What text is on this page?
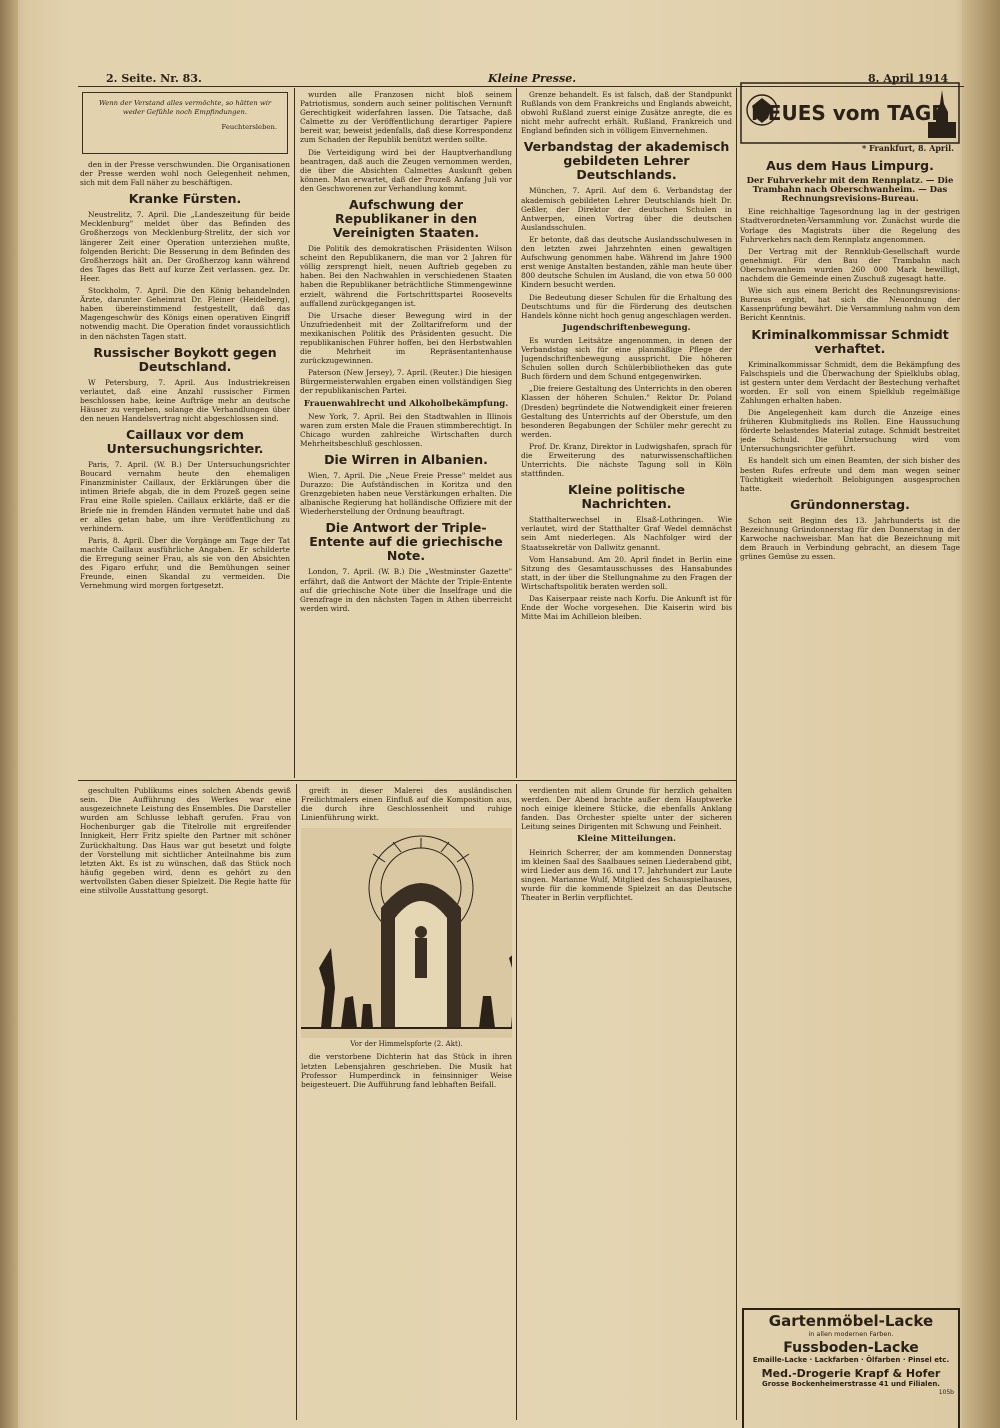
2. Seite. Nr. 83.	Kleine Presse.	8. April 1914
Wenn der Verstand alles vermöchte, so hätten wir weder Gefühle noch Empfindungen.
Feuchtersleben.

den in der Presse verschwunden. Die Organisationen der Presse werden wohl noch Gelegenheit nehmen, sich mit dem Fall näher zu beschäftigen.

Kranke Fürsten.

Neustrelitz, 7. April. Die „Landeszeitung für beide Mecklenburg" meldet über das Befinden des Großherzogs von Mecklenburg-Strelitz, der sich vor längerer Zeit einer Operation unterziehen mußte, folgenden Bericht: Die Besserung in dem Befinden des Großherzogs hält an. Der Großherzog kann während des Tages das Bett auf kurze Zeit verlassen. gez. Dr. Heer.

Stockholm, 7. April. Die den König behandelnden Ärzte, darunter Geheimrat Dr. Fleiner (Heidelberg), haben übereinstimmend festgestellt, daß das Magengeschwür des Königs einen operativen Eingriff notwendig macht. Die Operation findet voraussichtlich in den nächsten Tagen statt.

Russischer Boykott gegen Deutschland.

W Petersburg, 7. April. Aus Industriekreisen verlautet, daß eine Anzahl russischer Firmen beschlossen habe, keine Aufträge mehr an deutsche Häuser zu vergeben, solange die Verhandlungen über den neuen Handelsvertrag nicht abgeschlossen sind.

Caillaux vor dem Untersuchungsrichter.

Paris, 7. April. (W. B.) Der Untersuchungsrichter Boucard vernahm heute den ehemaligen Finanzminister Caillaux, der Erklärungen über die intimen Briefe abgab, die in dem Prozeß gegen seine Frau eine Rolle spielen. Caillaux erklärte, daß er die Briefe nie in fremden Händen vermutet habe und daß er alles getan habe, um ihre Veröffentlichung zu verhindern.

Paris, 8. April. Über die Vorgänge am Tage der Tat machte Caillaux ausführliche Angaben. Er schilderte die Erregung seiner Frau, als sie von den Absichten des Figaro erfuhr, und die Bemühungen seiner Freunde, einen Skandal zu vermeiden. Die Vernehmung wird morgen fortgesetzt.

wurden alle Franzosen nicht bloß seinem Patriotismus, sondern auch seiner politischen Vernunft Gerechtigkeit widerfahren lassen. Die Tatsache, daß Calmette zu der Veröffentlichung derartiger Papiere bereit war, beweist jedenfalls, daß diese Korrespondenz zum Schaden der Republik benützt werden sollte.

Die Verteidigung wird bei der Hauptverhandlung beantragen, daß auch die Zeugen vernommen werden, die über die Absichten Calmettes Auskunft geben können. Man erwartet, daß der Prozeß Anfang Juli vor den Geschworenen zur Verhandlung kommt.

Aufschwung der Republikaner in den Vereinigten Staaten.

Die Politik des demokratischen Präsidenten Wilson scheint den Republikanern, die man vor 2 Jahren für völlig zersprengt hielt, neuen Auftrieb gegeben zu haben. Bei den Nachwahlen in verschiedenen Staaten haben die Republikaner beträchtliche Stimmengewinne erzielt, während die Fortschrittspartei Roosevelts auffallend zurückgegangen ist.

Die Ursache dieser Bewegung wird in der Unzufriedenheit mit der Zolltarifreform und der mexikanischen Politik des Präsidenten gesucht. Die republikanischen Führer hoffen, bei den Herbstwahlen die Mehrheit im Repräsentantenhause zurückzugewinnen.

Paterson (New Jersey), 7. April. (Reuter.) Die hiesigen Bürgermeisterwahlen ergaben einen vollständigen Sieg der republikanischen Partei.

Frauenwahlrecht und Alkoholbekämpfung.

New York, 7. April. Bei den Stadtwahlen in Illinois waren zum ersten Male die Frauen stimmberechtigt. In Chicago wurden zahlreiche Wirtschaften durch Mehrheitsbeschluß geschlossen.

Die Wirren in Albanien.

Wien, 7. April. Die „Neue Freie Presse" meldet aus Durazzo: Die Aufständischen in Koritza und den Grenzgebieten haben neue Verstärkungen erhalten. Die albanische Regierung hat holländische Offiziere mit der Wiederherstellung der Ordnung beauftragt.

Die Antwort der Triple-Entente auf die griechische Note.

London, 7. April. (W. B.) Die „Westminster Gazette" erfährt, daß die Antwort der Mächte der Triple-Entente auf die griechische Note über die Inselfrage und die Grenzfrage in den nächsten Tagen in Athen überreicht werden wird.

Grenze behandelt. Es ist falsch, daß der Standpunkt Rußlands von dem Frankreichs und Englands abweicht, obwohl Rußland zuerst einige Zusätze anregte, die es nicht mehr aufrecht erhält. Rußland, Frankreich und England befinden sich in völligem Einvernehmen.

Verbandstag der akademisch gebildeten Lehrer Deutschlands.

München, 7. April. Auf dem 6. Verbandstag der akademisch gebildeten Lehrer Deutschlands hielt Dr. Geßler, der Direktor der deutschen Schulen in Antwerpen, einen Vortrag über die deutschen Auslandsschulen.

Er betonte, daß das deutsche Auslandsschulwesen in den letzten zwei Jahrzehnten einen gewaltigen Aufschwung genommen habe. Während im Jahre 1900 erst wenige Anstalten bestanden, zähle man heute über 800 deutsche Schulen im Ausland, die von etwa 50 000 Kindern besucht werden.

Die Bedeutung dieser Schulen für die Erhaltung des Deutschtums und für die Förderung des deutschen Handels könne nicht hoch genug angeschlagen werden.

Jugendschriftenbewegung.

Es wurden Leitsätze angenommen, in denen der Verbandstag sich für eine planmäßige Pflege der Jugendschriftenbewegung ausspricht. Die höheren Schulen sollen durch Schülerbibliotheken das gute Buch fördern und dem Schund entgegenwirken.

„Die freiere Gestaltung des Unterrichts in den oberen Klassen der höheren Schulen." Rektor Dr. Poland (Dresden) begründete die Notwendigkeit einer freieren Gestaltung des Unterrichts auf der Oberstufe, um den besonderen Begabungen der Schüler mehr gerecht zu werden.

Prof. Dr. Kranz, Direktor in Ludwigshafen, sprach für die Erweiterung des naturwissenschaftlichen Unterrichts. Die nächste Tagung soll in Köln stattfinden.

Kleine politische Nachrichten.

Statthalterwechsel in Elsaß-Lothringen. Wie verlautet, wird der Statthalter Graf Wedel demnächst sein Amt niederlegen. Als Nachfolger wird der Staatssekretär von Dallwitz genannt.

Vom Hansabund. Am 20. April findet in Berlin eine Sitzung des Gesamtausschusses des Hansabundes statt, in der über die Stellungnahme zu den Fragen der Wirtschaftspolitik beraten werden soll.

Das Kaiserpaar reiste nach Korfu. Die Ankunft ist für Ende der Woche vorgesehen. Die Kaiserin wird bis Mitte Mai im Achilleion bleiben.

NEUES vom TAGE
* Frankfurt, 8. April.
Aus dem Haus Limpurg.
Der Fuhrverkehr mit dem Rennplatz. — Die Trambahn nach Oberschwanheim. — Das Rechnungsrevisions-Bureau.

Eine reichhaltige Tagesordnung lag in der gestrigen Stadtverordneten-Versammlung vor. Zunächst wurde die Vorlage des Magistrats über die Regelung des Fuhrverkehrs nach dem Rennplatz angenommen.

Der Vertrag mit der Rennklub-Gesellschaft wurde genehmigt. Für den Bau der Trambahn nach Oberschwanheim wurden 260 000 Mark bewilligt, nachdem die Gemeinde einen Zuschuß zugesagt hatte.

Wie sich aus einem Bericht des Rechnungsrevisions-Bureaus ergibt, hat sich die Neuordnung der Kassenprüfung bewährt. Die Versammlung nahm von dem Bericht Kenntnis.

Kriminalkommissar Schmidt verhaftet.

Kriminalkommissar Schmidt, dem die Bekämpfung des Falschspiels und die Überwachung der Spielklubs oblag, ist gestern unter dem Verdacht der Bestechung verhaftet worden. Er soll von einem Spielklub regelmäßige Zahlungen erhalten haben.

Die Angelegenheit kam durch die Anzeige eines früheren Klubmitglieds ins Rollen. Eine Haussuchung förderte belastendes Material zutage. Schmidt bestreitet jede Schuld. Die Untersuchung wird vom Untersuchungsrichter geführt.

Es handelt sich um einen Beamten, der sich bisher des besten Rufes erfreute und dem man wegen seiner Tüchtigkeit wiederholt Belobigungen ausgesprochen hatte.

Gründonnerstag.

Schon seit Beginn des 13. Jahrhunderts ist die Bezeichnung Gründonnerstag für den Donnerstag in der Karwoche nachweisbar. Man hat die Bezeichnung mit dem Brauch in Verbindung gebracht, an diesem Tage grünes Gemüse zu essen.

Gartenmöbel-Lacke
in allen modernen Farben.
Fussboden-Lacke
Emaille-Lacke · Lackfarben · Ölfarben · Pinsel etc.
Med.-Drogerie Krapf & Hofer
Grosse Bockenheimerstrasse 41 und Filialen.
105b

geschulten Publikums eines solchen Abends gewiß sein. Die Aufführung des Werkes war eine ausgezeichnete Leistung des Ensembles. Die Darsteller wurden am Schlusse lebhaft gerufen. Frau von Hochenburger gab die Titelrolle mit ergreifender Innigkeit, Herr Fritz spielte den Partner mit schöner Zurückhaltung. Das Haus war gut besetzt und folgte der Vorstellung mit sichtlicher Anteilnahme bis zum letzten Akt. Es ist zu wünschen, daß das Stück noch häufig gegeben wird, denn es gehört zu den wertvollsten Gaben dieser Spielzeit. Die Regie hatte für eine stilvolle Ausstattung gesorgt.

greift in dieser Malerei des ausländischen Freilichtmalers einen Einfluß auf die Komposition aus, die durch ihre Geschlossenheit und ruhige Linienführung wirkt.

Vor der Himmelspforte (2. Akt).

die verstorbene Dichterin hat das Stück in ihren letzten Lebensjahren geschrieben. Die Musik hat Professor Humperdinck in feinsinniger Weise beigesteuert. Die Aufführung fand lebhaften Beifall.

verdienten mit allem Grunde für herzlich gehalten werden. Der Abend brachte außer dem Hauptwerke noch einige kleinere Stücke, die ebenfalls Anklang fanden. Das Orchester spielte unter der sicheren Leitung seines Dirigenten mit Schwung und Feinheit.

Kleine Mitteilungen.

Heinrich Scherrer, der am kommenden Donnerstag im kleinen Saal des Saalbaues seinen Liederabend gibt, wird Lieder aus dem 16. und 17. Jahrhundert zur Laute singen. Marianne Wulf, Mitglied des Schauspielhauses, wurde für die kommende Spielzeit an das Deutsche Theater in Berlin verpflichtet.
